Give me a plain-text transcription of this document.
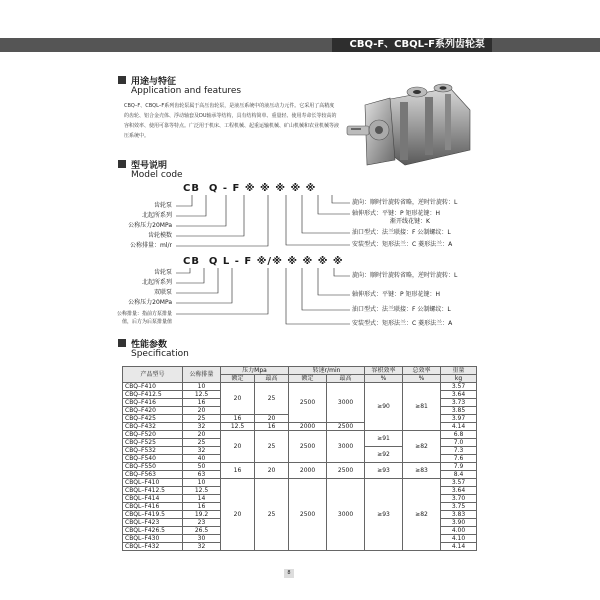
CBQ-F、CBQL-F系列齿轮泵
用途与特征
Application and features
CBQ–F、CBQL–F系列齿轮泵属于高压齿轮泵，是液压系统中的液压动力元件。它采用了高精度的齿轮、铝合金壳体、浮动轴套及DU轴承等结构，具有结构简单、重量轻、使用寿命长等较高的容积效率、使用可靠等特点。广泛用于机床、工程机械、起重运输机械、矿山机械和农业机械等液压系统中。
型号说明
Model code
CB  Q - F ※ ※ ※ ※ ※
齿轮泵
北起所系列
公称压力20MPa
齿轮模数
公称排量：ml/r
旋向：顺时针旋转省略，逆时针旋转：L
轴伸形式：平键：P 矩形花键：H
渐开线花键：K
油口型式：法兰联接：F 公制螺纹：L
安装型式：矩形法兰：C 菱形法兰：A
CB  Q L - F ※/※ ※ ※ ※ ※
齿轮泵
北起所系列
双联泵
公称压力20MPa
公称排量：指前方泵排量
值，后方为后泵排量值
旋向：顺时针旋转省略，逆时针旋转：L
轴伸形式：平键：P 矩形花键：H
油口型式：法兰联接：F 公制螺纹：L
安装型式：矩形法兰：C 菱形法兰：A
性能参数
Specification
产品型号	公称排量	压力Mpa		转速r/min		容积效率	总效率	重量
		额定	最高	额定	最高	%	%	kg
CBQ–F410	10	20	25	2500	3000	≥90	≥81	3.57
CBQ–F412.5	12.5							3.64
CBQ–F416	16							3.73
CBQ–F420	20							3.85
CBQ–F425	25	16	20					3.97
CBQ–F432	32	12.5	16	2000	2500			4.14
CBQ–F520	20	20	25	2500	3000	≥91	≥82	6.8
CBQ–F525	25							7.0
CBQ–F532	32					≥92		7.3
CBQ–F540	40							7.6
CBQ–F550	50	16	20	2000	2500	≥93	≥83	7.9
CBQ–F563	63							8.4
CBQL–F410	10	20	25	2500	3000	≥93	≥82	3.57
CBQL–F412.5	12.5							3.64
CBQL–F414	14							3.70
CBQL–F416	16							3.75
CBQL–F419.5	19.2							3.83
CBQL–F423	23							3.90
CBQL–F426.5	26.5							4.00
CBQL–F430	30							4.10
CBQL–F432	32							4.14
8
